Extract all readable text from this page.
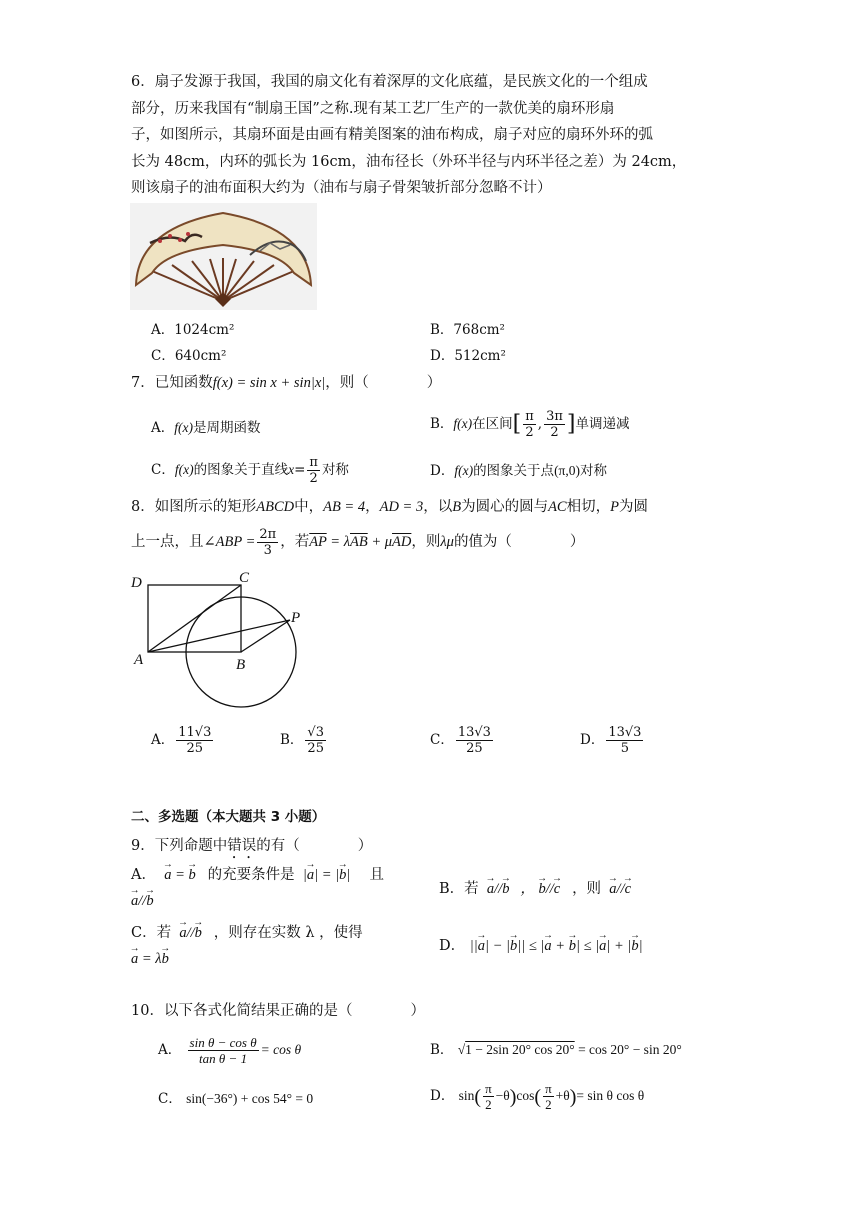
6．扇子发源于我国，我国的扇文化有着深厚的文化底蕴，是民族文化的一个组成
部分，历来我国有“制扇王国”之称.现有某工艺厂生产的一款优美的扇环形扇
子，如图所示，其扇环面是由画有精美图案的油布构成，扇子对应的扇环外环的弧
长为 48cm，内环的弧长为 16cm，油布径长（外环半径与内环半径之差）为 24cm，
则该扇子的油布面积大约为（油布与扇子骨架皱折部分忽略不计）
A．1024cm²	B．768cm²
C．640cm²	D．512cm²
7．已知函数f(x) = sin x + sin|x|，则（　　　　）
A．f(x)是周期函数	B．f(x)在区间[ $\frac{\pi}{2}$ , $\frac{3\pi}{2}$ ]单调递减
C．f(x)的图象关于直线$x= \frac{\pi}{2}$ 对称	D．f(x)的图象关于点(π,0)对称
8．如图所示的矩形ABCD中，AB = 4，AD = 3，以B为圆心的圆与AC相切，P为圆
上一点，且∠ABP = $\frac{2\pi}{3}$ ，若$\overline{AP} = \lambda\overline{AB} + \mu\overline{AD}$，则λμ的值为（　　　　）
D	C
P
A	B
A． $\frac{11√3}{25}$	B． $\frac{√3}{25}$	C． $\frac{13√3}{25}$	D． $\frac{13√3}{5}$
二、多选题（本大题共 3 小题）
9．下列命题中错误的有（　　　　）
A． a → = b → 的充要条件是  |a →| = |b →|     且
a →//b →
B．若 a →//b →   ， b →//c → ，则 a →//c →
C．若 a →//b → ，则存在实数 λ ，使得
a → = λb →
D． ||a →| − |b →|| ≤ |a → + b →| ≤ |a →| + |b →|
10．以下各式化简结果正确的是（　　　　）
A． $\frac{\text{sin θ − cos θ}}{\text{tan θ − 1}} = \cos \theta$	B． √1 − 2sin 20° cos 20° = cos 20° − sin 20°
C． sin(−36°) + cos 54° = 0	D． $\sin( \frac{\pi}{2} -\theta)\cos( \frac{\pi}{2} +\theta)= \sin \theta$ cos θ
